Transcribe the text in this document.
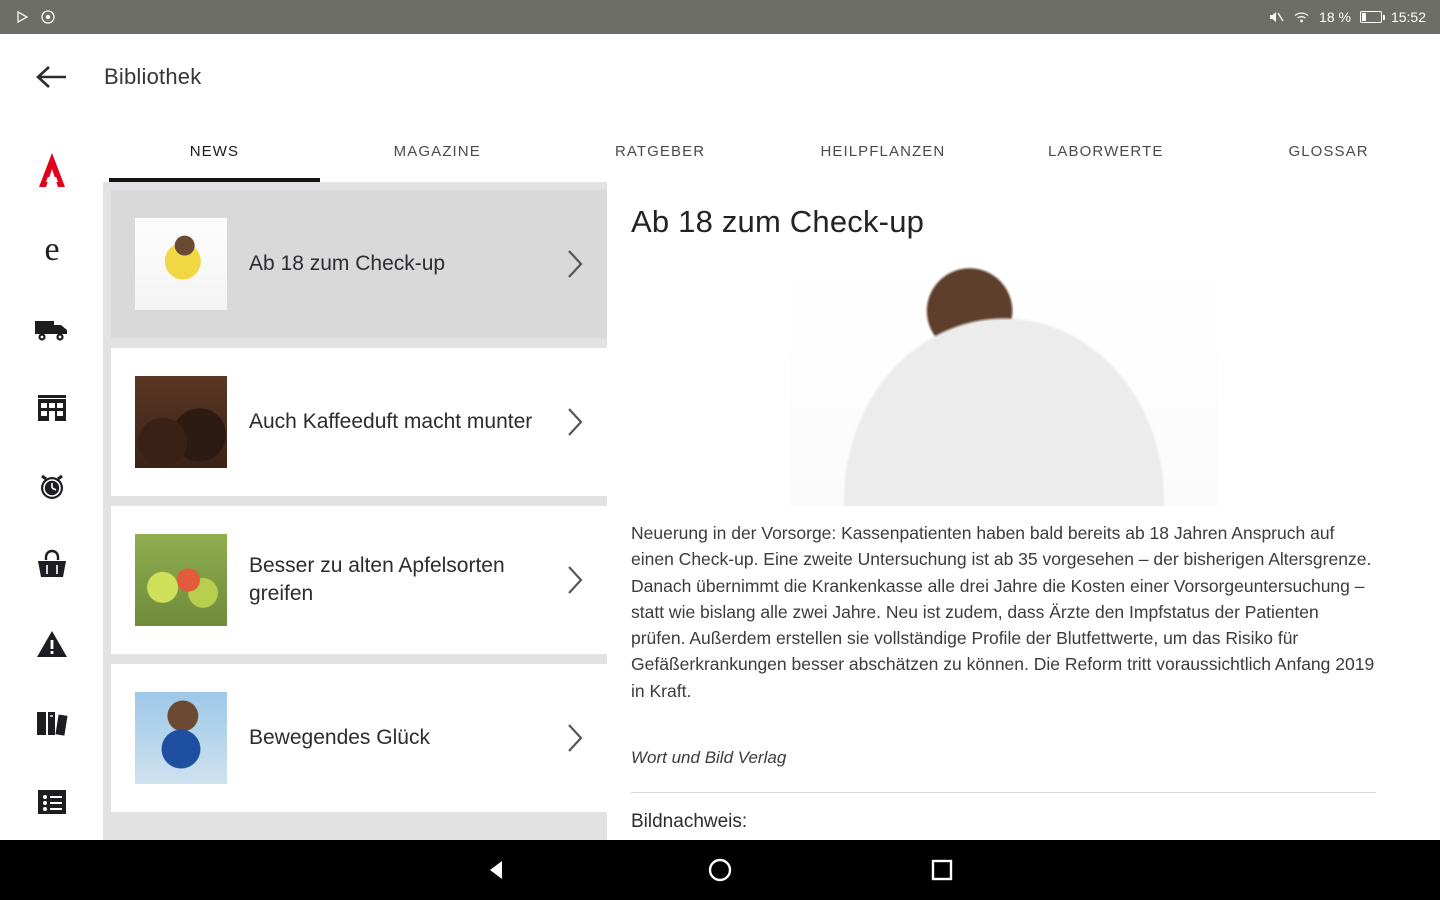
18 %	15:52
Bibliothek
e
NEWS	MAGAZINE	RATGEBER	HEILPFLANZEN	LABORWERTE	GLOSSAR
Ab 18 zum Check-up
Auch Kaffeeduft macht munter
Besser zu alten Apfelsorten greifen
Bewegendes Glück
Ab 18 zum Check-up

Neuerung in der Vorsorge: Kassenpatienten haben bald bereits ab 18 Jahren Anspruch auf einen Check-up. Eine zweite Untersuchung ist ab 35 vorgesehen – der bisherigen Altersgrenze. Danach übernimmt die Krankenkasse alle drei Jahre die Kosten einer Vorsorgeuntersuchung – statt wie bislang alle zwei Jahre. Neu ist zudem, dass Ärzte den Impfstatus der Patienten prüfen. Außerdem erstellen sie vollständige Profile der Blutfettwerte, um das Risiko für Gefäßerkrankungen besser abschätzen zu können. Die Reform tritt voraussichtlich Anfang 2019 in Kraft.

Wort und Bild Verlag
Bildnachweis:
